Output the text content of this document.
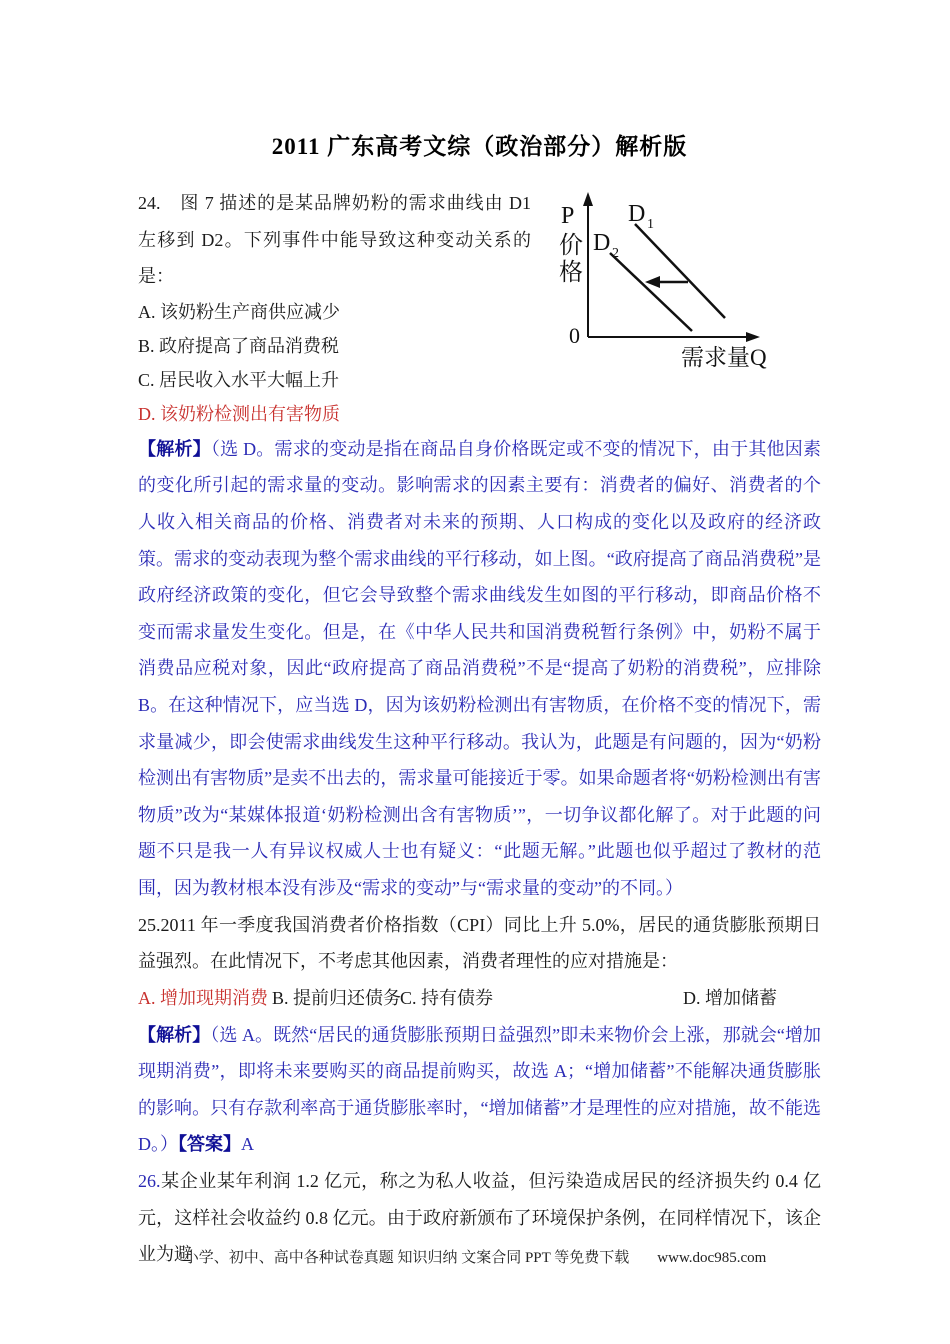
2011 广东高考文综（政治部分）解析版
P
价
格
0
需求量Q
D 1
D 2

24.　图 7 描述的是某品牌奶粉的需求曲线由 D1 左移到 D2。下列事件中能导致这种变动关系的是：

A. 该奶粉生产商供应减少
B. 政府提高了商品消费税
C. 居民收入水平大幅上升
D. 该奶粉检测出有害物质

【解析】（选 D。需求的变动是指在商品自身价格既定或不变的情况下，由于其他因素的变化所引起的需求量的变动。影响需求的因素主要有：消费者的偏好、消费者的个人收入相关商品的价格、消费者对未来的预期、人口构成的变化以及政府的经济政策。需求的变动表现为整个需求曲线的平行移动，如上图。“政府提高了商品消费税”是政府经济政策的变化，但它会导致整个需求曲线发生如图的平行移动，即商品价格不变而需求量发生变化。但是，在《中华人民共和国消费税暂行条例》中，奶粉不属于消费品应税对象，因此“政府提高了商品消费税”不是“提高了奶粉的消费税”，应排除 B。在这种情况下，应当选 D，因为该奶粉检测出有害物质，在价格不变的情况下，需求量减少，即会使需求曲线发生这种平行移动。我认为，此题是有问题的，因为“奶粉检测出有害物质”是卖不出去的，需求量可能接近于零。如果命题者将“奶粉检测出有害物质”改为“某媒体报道‘奶粉检测出含有害物质’”，一切争议都化解了。对于此题的问题不只是我一人有异议权威人士也有疑义：“此题无解。”此题也似乎超过了教材的范围，因为教材根本没有涉及“需求的变动”与“需求量的变动”的不同。）

25.2011 年一季度我国消费者价格指数（CPI）同比上升 5.0%，居民的通货膨胀预期日益强烈。在此情况下，不考虑其他因素，消费者理性的应对措施是：

A. 增加现期消费 B. 提前归还债务
C. 持有债券	D. 增加储蓄

【解析】（选 A。既然“居民的通货膨胀预期日益强烈”即未来物价会上涨，那就会“增加现期消费”，即将未来要购买的商品提前购买，故选 A；“增加储蓄”不能解决通货膨胀的影响。只有存款利率高于通货膨胀率时，“增加储蓄”才是理性的应对措施，故不能选 D。）【答案】A

26.某企业某年利润 1.2 亿元，称之为私人收益，但污染造成居民的经济损失约 0.4 亿元，这样社会收益约 0.8 亿元。由于政府新颁布了环境保护条例，在同样情况下，该企业为避

小学、初中、高中各种试卷真题 知识归纳 文案合同 PPT 等免费下载 www.doc985.com
